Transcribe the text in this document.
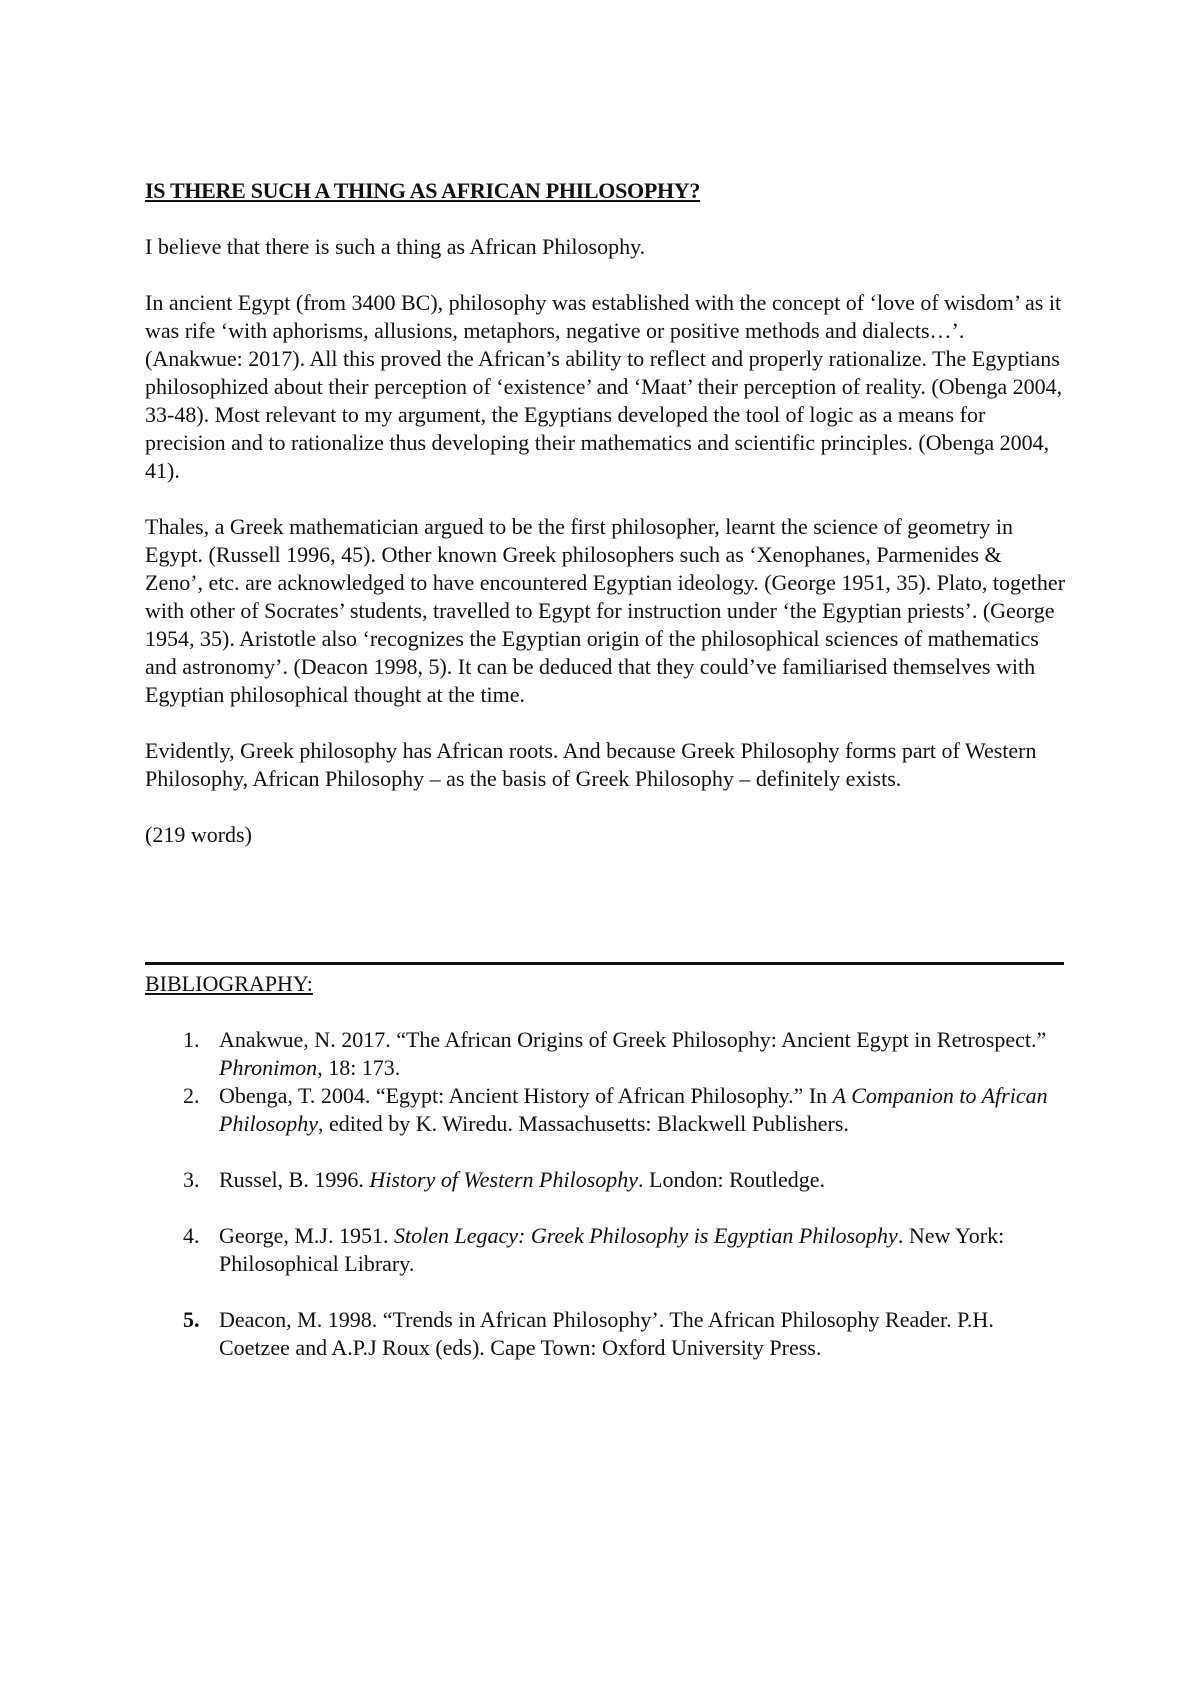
IS THERE SUCH A THING AS AFRICAN PHILOSOPHY?

I believe that there is such a thing as African Philosophy.

In ancient Egypt (from 3400 BC), philosophy was established with the concept of ‘love of wisdom’ as it was rife ‘with aphorisms, allusions, metaphors, negative or positive methods and dialects…’. (Anakwue: 2017). All this proved the African’s ability to reflect and properly rationalize. The Egyptians philosophized about their perception of ‘existence’ and ‘Maat’ their perception of reality. (Obenga 2004, 33-48). Most relevant to my argument, the Egyptians developed the tool of logic as a means for precision and to rationalize thus developing their mathematics and scientific principles. (Obenga 2004, 41).

Thales, a Greek mathematician argued to be the first philosopher, learnt the science of geometry in Egypt. (Russell 1996, 45). Other known Greek philosophers such as ‘Xenophanes, Parmenides & Zeno’, etc. are acknowledged to have encountered Egyptian ideology. (George 1951, 35). Plato, together with other of Socrates’ students, travelled to Egypt for instruction under ‘the Egyptian priests’. (George 1954, 35). Aristotle also ‘recognizes the Egyptian origin of the philosophical sciences of mathematics and astronomy’. (Deacon 1998, 5). It can be deduced that they could’ve familiarised themselves with Egyptian philosophical thought at the time.

Evidently, Greek philosophy has African roots. And because Greek Philosophy forms part of Western Philosophy, African Philosophy – as the basis of Greek Philosophy – definitely exists.

(219 words)

BIBLIOGRAPHY:
1. Anakwue, N. 2017. “The African Origins of Greek Philosophy: Ancient Egypt in Retrospect.” Phronimon, 18: 173.
2. Obenga, T. 2004. “Egypt: Ancient History of African Philosophy.” In A Companion to African Philosophy, edited by K. Wiredu. Massachusetts: Blackwell Publishers.
3. Russel, B. 1996. History of Western Philosophy. London: Routledge.
4. George, M.J. 1951. Stolen Legacy: Greek Philosophy is Egyptian Philosophy. New York: Philosophical Library.
5. Deacon, M. 1998. “Trends in African Philosophy’. The African Philosophy Reader. P.H. Coetzee and A.P.J Roux (eds). Cape Town: Oxford University Press.
